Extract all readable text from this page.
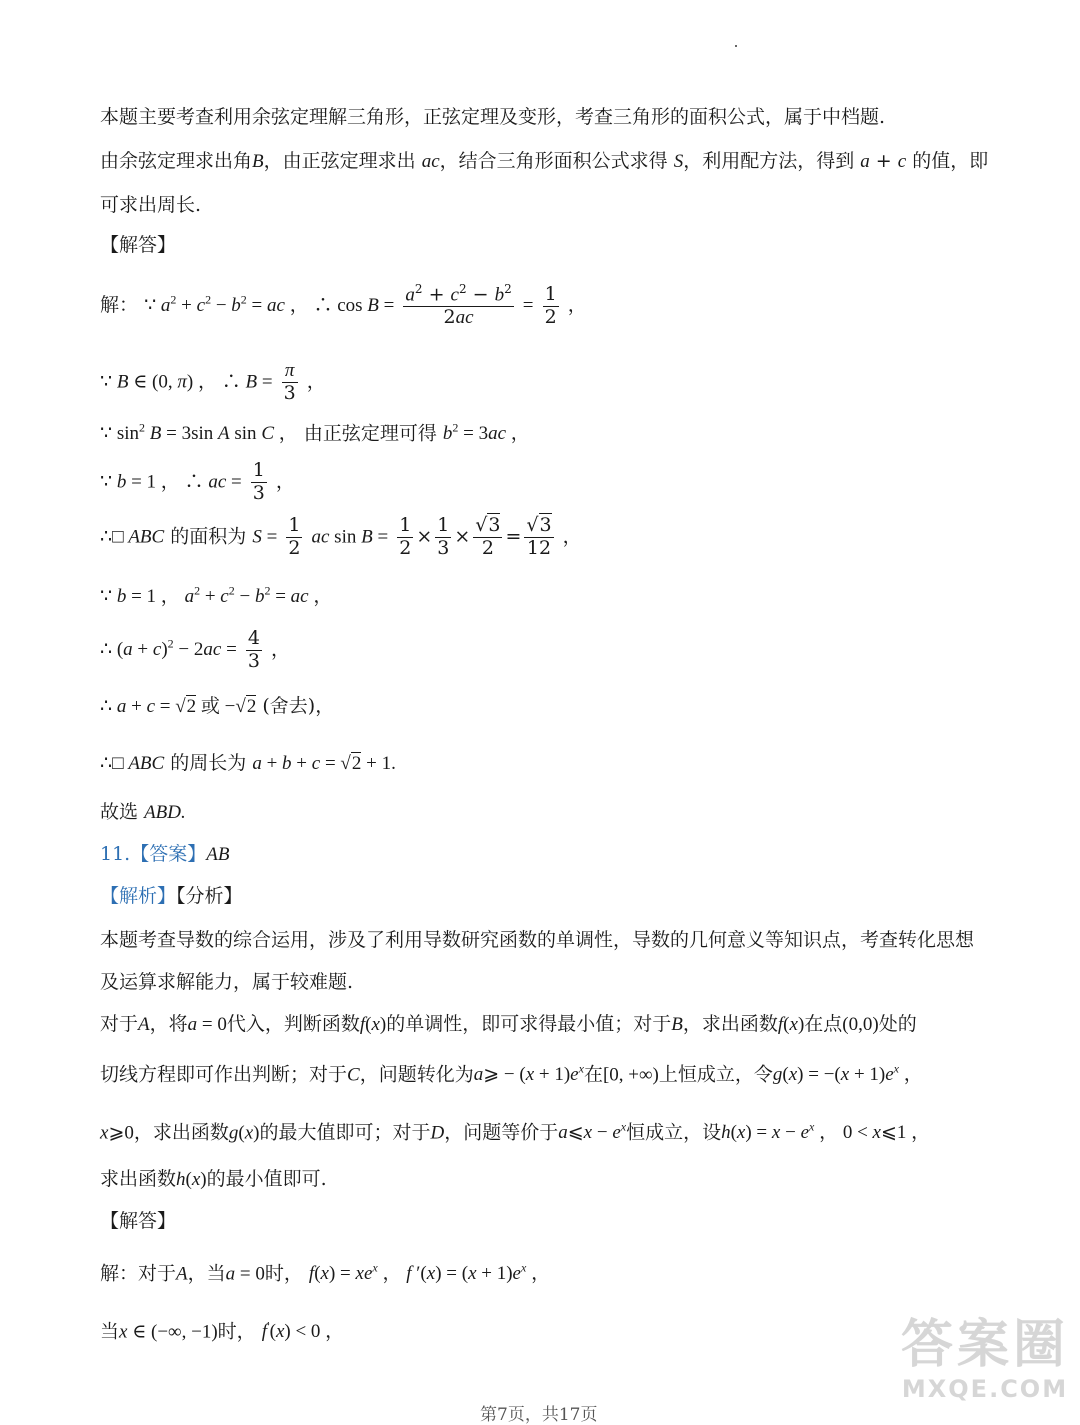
本题主要考查利用余弦定理解三角形，正弦定理及变形，考查三角形的面积公式，属于中档题.
由余弦定理求出角B，由正弦定理求出 ac，结合三角形面积公式求得 S，利用配方法，得到 a + c 的值，即
可求出周长.
【解答】
解： ∵ $a^2 + c^2 - b^2$ = ac ， ∴ $\cos B = \frac{a^2 + c^2 - b^2}{2ac} = \frac{1}{2}$ ，
∵ B ∈ (0, π) ， ∴ $B = \frac{\pi}{3}$ ，
∵ $\sin^2 B = 3\sin$ A sin C ， 由正弦定理可得 $b^2 = 3ac$ ，
∵ b = 1 ， ∴ ac = $\frac{1}{3}$ ，
∴□ ABC 的面积为 $S = \frac{1}{2}$ ac $\sin B = \frac{1}{2} \times \frac{1}{3} \times \frac{√3}{2} = \frac{√3}{12}$ ，
∵ b = 1 ， $a^2 + c^2 - b^2$ = ac ，
∴ $(a + c)^2 - 2ac = \frac{4}{3}$ ，
∴ a + c = √2 或 −√2 (舍去)，
∴□ ABC 的周长为 a + b + c = √2 + 1.
故选 ABD.
11.【答案】AB
【解析】【分析】
本题考查导数的综合运用，涉及了利用导数研究函数的单调性，导数的几何意义等知识点，考查转化思想
及运算求解能力，属于较难题.
对于A，将a = 0代入，判断函数f(x)的单调性，即可求得最小值；对于B，求出函数f(x)在点(0,0)处的
切线方程即可作出判断；对于C，问题转化为a⩾ − $(x + 1)e^x$在[0, +∞)上恒成立，令$g(x) = -(x + 1)e^x$ ，
x⩾0，求出函数g(x)的最大值即可；对于D，问题等价于a⩽x − $e^x$恒成立，设$h(x) = x - e^x$ ， 0 < x⩽1 ，
求出函数h(x)的最小值即可.
【解答】
解：对于A，当a = 0时， $f(x) = xe^x$ ， f $'(x) = (x + 1)e^x$ ，
当x ∈ (−∞, −1)时， f′(x) < 0 ，
第7页，共17页
答案圈
MXQE.COM
